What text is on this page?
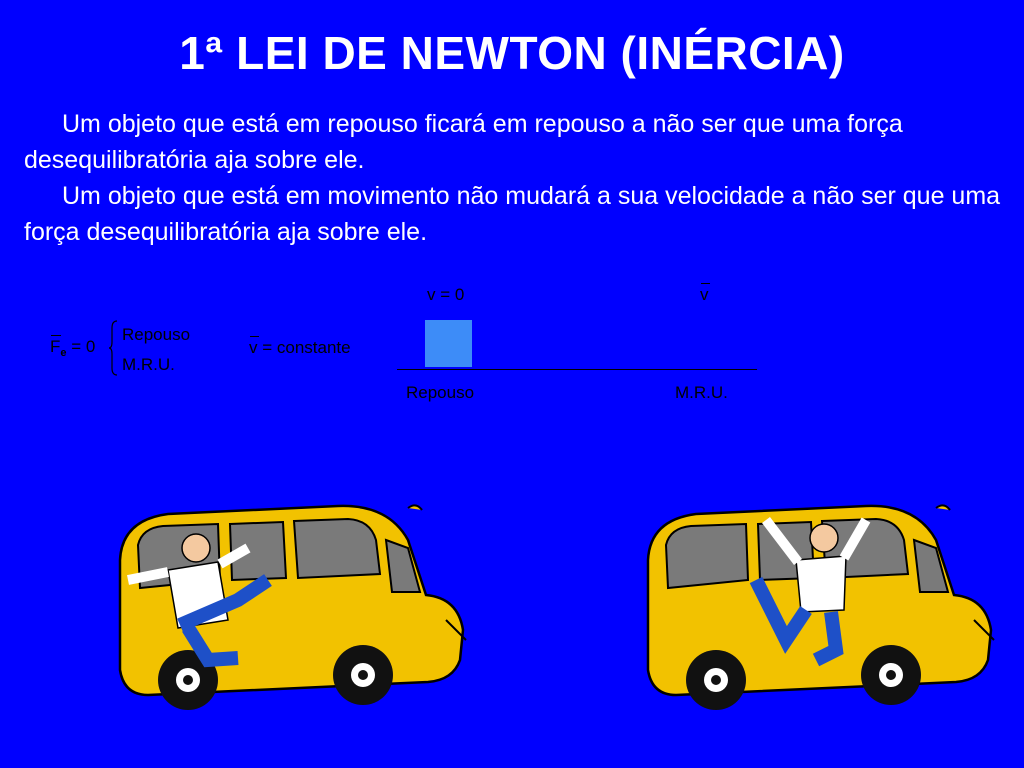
1ª LEI DE NEWTON (INÉRCIA)
Um objeto que está em repouso ficará em repouso a não ser que uma força desequilibratória aja sobre ele.
Um objeto que está em movimento não mudará a sua velocidade a não ser que uma força desequilibratória aja sobre ele.
$F_e = 0$
Repouso
M.R.U.
v = constante
v = 0	v
Repouso	M.R.U.
